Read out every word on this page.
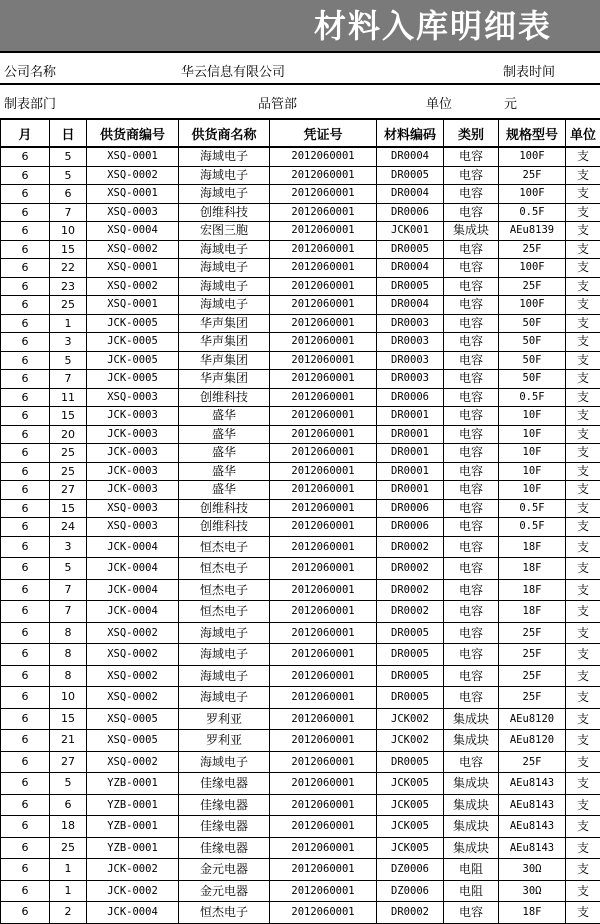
材料入库明细表
公司名称	华云信息有限公司	制表时间
制表部门	品管部	单位	元
月	日	供货商编号	供货商名称	凭证号	材料编码	类别	规格型号	单位
6	5	XSQ-0001	海域电子	2012060001	DR0004	电容	100F	支
6	5	XSQ-0002	海域电子	2012060001	DR0005	电容	25F	支
6	6	XSQ-0001	海域电子	2012060001	DR0004	电容	100F	支
6	7	XSQ-0003	创维科技	2012060001	DR0006	电容	0.5F	支
6	10	XSQ-0004	宏图三胞	2012060001	JCK001	集成块	AEu8139	支
6	15	XSQ-0002	海域电子	2012060001	DR0005	电容	25F	支
6	22	XSQ-0001	海域电子	2012060001	DR0004	电容	100F	支
6	23	XSQ-0002	海域电子	2012060001	DR0005	电容	25F	支
6	25	XSQ-0001	海域电子	2012060001	DR0004	电容	100F	支
6	1	JCK-0005	华声集团	2012060001	DR0003	电容	50F	支
6	3	JCK-0005	华声集团	2012060001	DR0003	电容	50F	支
6	5	JCK-0005	华声集团	2012060001	DR0003	电容	50F	支
6	7	JCK-0005	华声集团	2012060001	DR0003	电容	50F	支
6	11	XSQ-0003	创维科技	2012060001	DR0006	电容	0.5F	支
6	15	JCK-0003	盛华	2012060001	DR0001	电容	10F	支
6	20	JCK-0003	盛华	2012060001	DR0001	电容	10F	支
6	25	JCK-0003	盛华	2012060001	DR0001	电容	10F	支
6	25	JCK-0003	盛华	2012060001	DR0001	电容	10F	支
6	27	JCK-0003	盛华	2012060001	DR0001	电容	10F	支
6	15	XSQ-0003	创维科技	2012060001	DR0006	电容	0.5F	支
6	24	XSQ-0003	创维科技	2012060001	DR0006	电容	0.5F	支
6	3	JCK-0004	恒杰电子	2012060001	DR0002	电容	18F	支
6	5	JCK-0004	恒杰电子	2012060001	DR0002	电容	18F	支
6	7	JCK-0004	恒杰电子	2012060001	DR0002	电容	18F	支
6	7	JCK-0004	恒杰电子	2012060001	DR0002	电容	18F	支
6	8	XSQ-0002	海域电子	2012060001	DR0005	电容	25F	支
6	8	XSQ-0002	海域电子	2012060001	DR0005	电容	25F	支
6	8	XSQ-0002	海域电子	2012060001	DR0005	电容	25F	支
6	10	XSQ-0002	海域电子	2012060001	DR0005	电容	25F	支
6	15	XSQ-0005	罗利亚	2012060001	JCK002	集成块	AEu8120	支
6	21	XSQ-0005	罗利亚	2012060001	JCK002	集成块	AEu8120	支
6	27	XSQ-0002	海域电子	2012060001	DR0005	电容	25F	支
6	5	YZB-0001	佳缘电器	2012060001	JCK005	集成块	AEu8143	支
6	6	YZB-0001	佳缘电器	2012060001	JCK005	集成块	AEu8143	支
6	18	YZB-0001	佳缘电器	2012060001	JCK005	集成块	AEu8143	支
6	25	YZB-0001	佳缘电器	2012060001	JCK005	集成块	AEu8143	支
6	1	JCK-0002	金元电器	2012060001	DZ0006	电阻	30Ω	支
6	1	JCK-0002	金元电器	2012060001	DZ0006	电阻	30Ω	支
6	2	JCK-0004	恒杰电子	2012060001	DR0002	电容	18F	支
